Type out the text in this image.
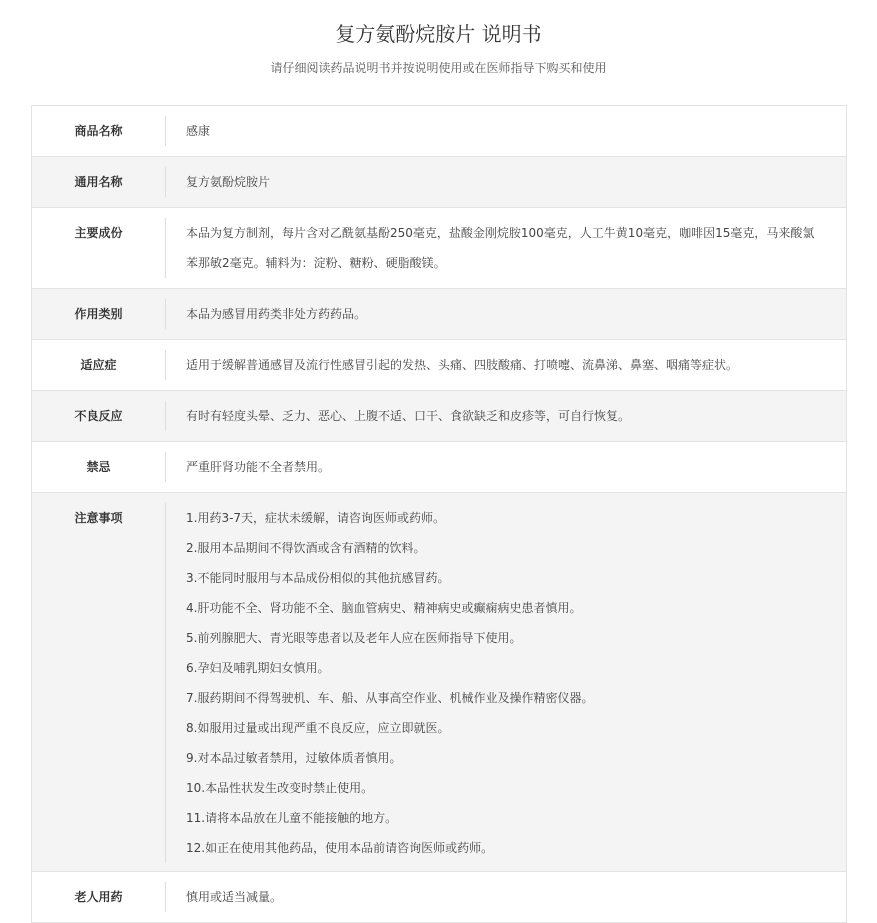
复方氨酚烷胺片 说明书
请仔细阅读药品说明书并按说明使用或在医师指导下购买和使用
商品名称	感康
通用名称	复方氨酚烷胺片
主要成份	本品为复方制剂，每片含对乙酰氨基酚250毫克，盐酸金刚烷胺100毫克，人工牛黄10毫克，咖啡因15毫克，马来酸氯
苯那敏2毫克。辅料为：淀粉、糖粉、硬脂酸镁。
作用类别	本品为感冒用药类非处方药药品。
适应症	适用于缓解普通感冒及流行性感冒引起的发热、头痛、四肢酸痛、打喷嚏、流鼻涕、鼻塞、咽痛等症状。
不良反应	有时有轻度头晕、乏力、恶心、上腹不适、口干、食欲缺乏和皮疹等，可自行恢复。
禁忌	严重肝肾功能不全者禁用。
注意事项	1.用药3-7天，症状未缓解，请咨询医师或药师。
2.服用本品期间不得饮酒或含有酒精的饮料。
3.不能同时服用与本品成份相似的其他抗感冒药。
4.肝功能不全、肾功能不全、脑血管病史、精神病史或癫痫病史患者慎用。
5.前列腺肥大、青光眼等患者以及老年人应在医师指导下使用。
6.孕妇及哺乳期妇女慎用。
7.服药期间不得驾驶机、车、船、从事高空作业、机械作业及操作精密仪器。
8.如服用过量或出现严重不良反应，应立即就医。
9.对本品过敏者禁用，过敏体质者慎用。
10.本品性状发生改变时禁止使用。
11.请将本品放在儿童不能接触的地方。
12.如正在使用其他药品，使用本品前请咨询医师或药师。
老人用药	慎用或适当减量。
